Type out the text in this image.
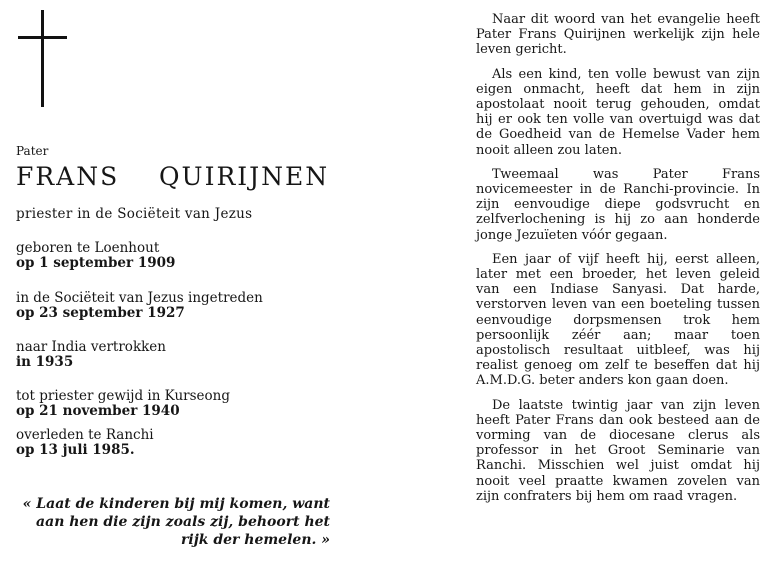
Pater
FRANS    QUIRIJNEN
priester in de Sociëteit van Jezus
geboren te Loenhout
op 1 september 1909
in de Sociëteit van Jezus ingetreden
op 23 september 1927
naar India vertrokken
in 1935
tot priester gewijd in Kurseong
op 21 november 1940
overleden te Ranchi
op 13 juli 1985.
« Laat de kinderen bij mij komen, want aan hen die zijn zoals zij, behoort het rijk der hemelen. »

Naar dit woord van het evangelie heeft Pater Frans Quirijnen werkelijk zijn hele leven gericht.

Als een kind, ten volle bewust van zijn eigen onmacht, heeft dat hem in zijn apostolaat nooit terug gehouden, omdat hij er ook ten volle van overtuigd was dat de Goedheid van de Hemelse Vader hem nooit alleen zou laten.

Tweemaal was Pater Frans novicemeester in de Ranchi-provincie. In zijn eenvoudige diepe godsvrucht en zelfverlochening is hij zo aan honderde jonge Jezuïeten vóór gegaan.

Een jaar of vijf heeft hij, eerst alleen, later met een broeder, het leven geleid van een Indiase Sanyasi. Dat harde, verstorven leven van een boeteling tussen eenvoudige dorpsmensen trok hem persoonlijk zéér aan; maar toen apostolisch resultaat uitbleef, was hij realist genoeg om zelf te beseffen dat hij A.M.D.G. beter anders kon gaan doen.

De laatste twintig jaar van zijn leven heeft Pater Frans dan ook besteed aan de vorming van de diocesane clerus als professor in het Groot Seminarie van Ranchi. Misschien wel juist omdat hij nooit veel praatte kwamen zovelen van zijn confraters bij hem om raad vragen.
